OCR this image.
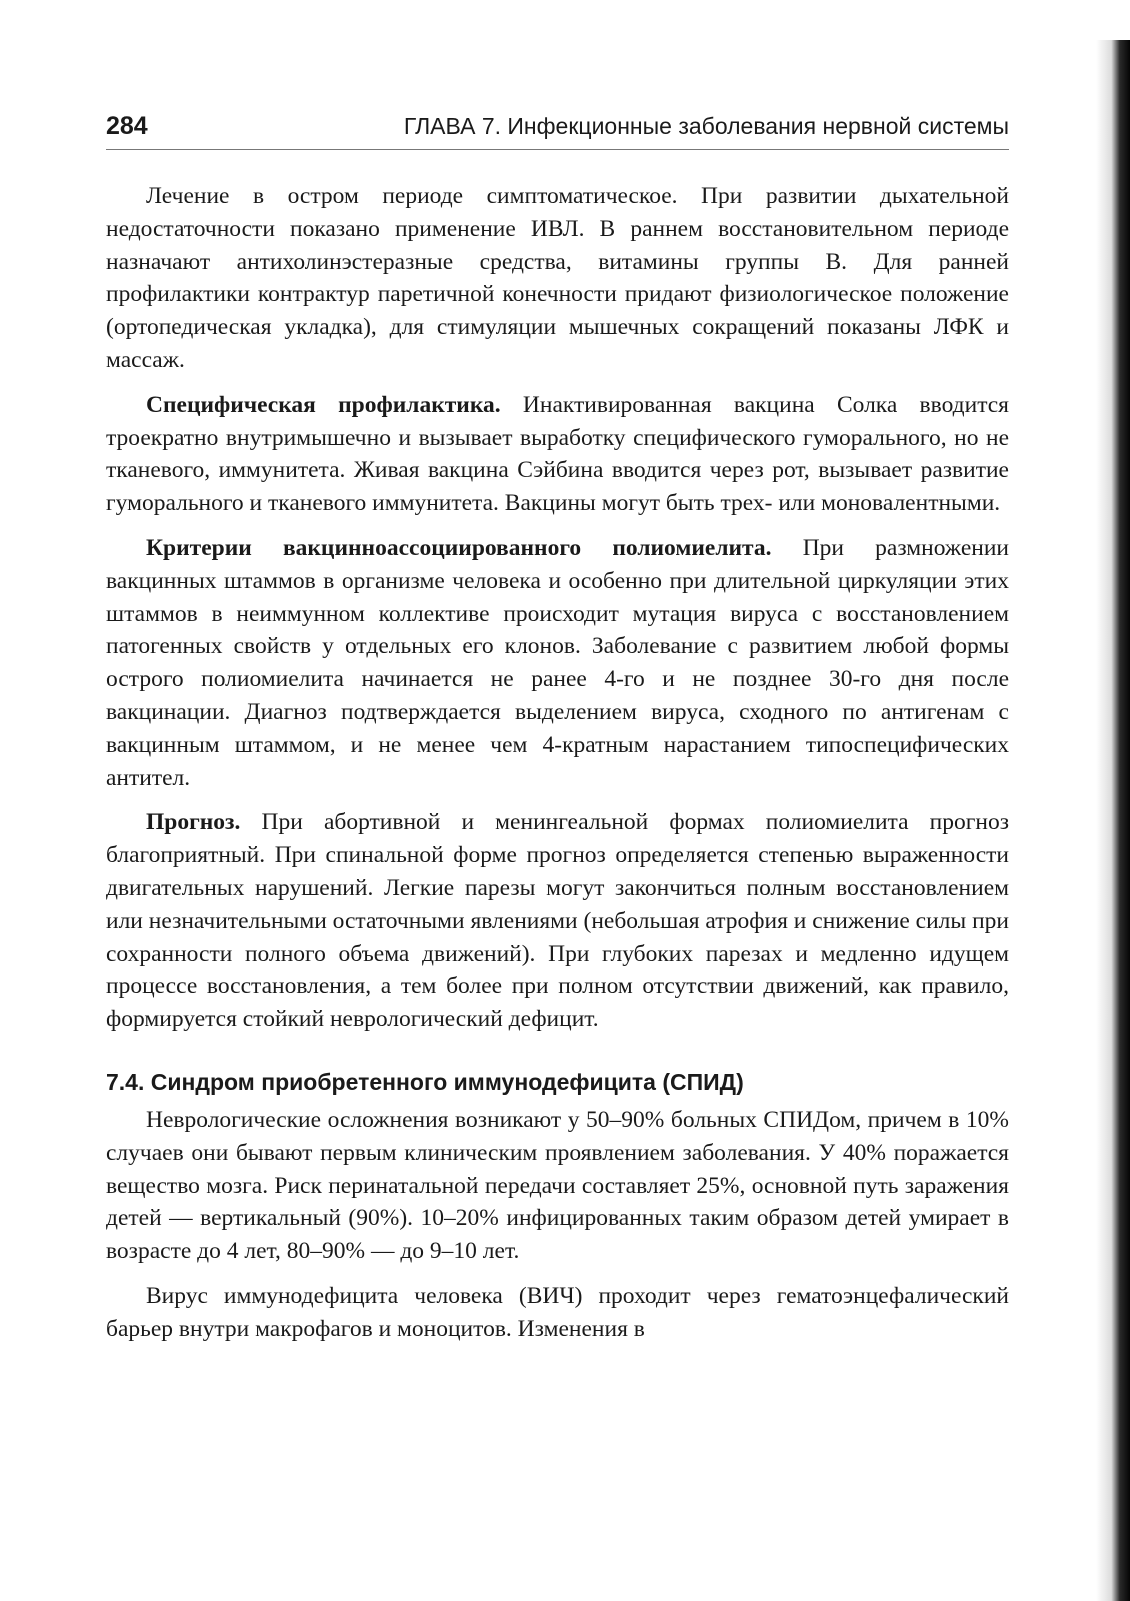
284	ГЛАВА 7. Инфекционные заболевания нервной системы

Лечение в остром периоде симптоматическое. При развитии дыхательной недостаточности показано применение ИВЛ. В раннем восстановительном периоде назначают антихолинэстеразные средства, витамины группы В. Для ранней профилактики контрактур паретичной конечности придают физиологическое положение (ортопедическая укладка), для стимуляции мышечных сокращений показаны ЛФК и массаж.

Специфическая профилактика. Инактивированная вакцина Солка вводится троекратно внутримышечно и вызывает выработку специфического гуморального, но не тканевого, иммунитета. Живая вакцина Сэйбина вводится через рот, вызывает развитие гуморального и тканевого иммунитета. Вакцины могут быть трех- или моновалентными.

Критерии вакцинноассоциированного полиомиелита. При размножении вакцинных штаммов в организме человека и особенно при длительной циркуляции этих штаммов в неиммунном коллективе происходит мутация вируса с восстановлением патогенных свойств у отдельных его клонов. Заболевание с развитием любой формы острого полиомиелита начинается не ранее 4-го и не позднее 30-го дня после вакцинации. Диагноз подтверждается выделением вируса, сходного по антигенам с вакцинным штаммом, и не менее чем 4-кратным нарастанием типоспецифических антител.

Прогноз. При абортивной и менингеальной формах полиомиелита прогноз благоприятный. При спинальной форме прогноз определяется степенью выраженности двигательных нарушений. Легкие парезы могут закончиться полным восстановлением или незначительными остаточными явлениями (небольшая атрофия и снижение силы при сохранности полного объема движений). При глубоких парезах и медленно идущем процессе восстановления, а тем более при полном отсутствии движений, как правило, формируется стойкий неврологический дефицит.

7.4. Синдром приобретенного иммунодефицита (СПИД)

Неврологические осложнения возникают у 50–90% больных СПИДом, причем в 10% случаев они бывают первым клиническим проявлением заболевания. У 40% поражается вещество мозга. Риск перинатальной передачи составляет 25%, основной путь заражения детей — вертикальный (90%). 10–20% инфицированных таким образом детей умирает в возрасте до 4 лет, 80–90% — до 9–10 лет.

Вирус иммунодефицита человека (ВИЧ) проходит через гематоэнцефалический барьер внутри макрофагов и моноцитов. Изменения в
